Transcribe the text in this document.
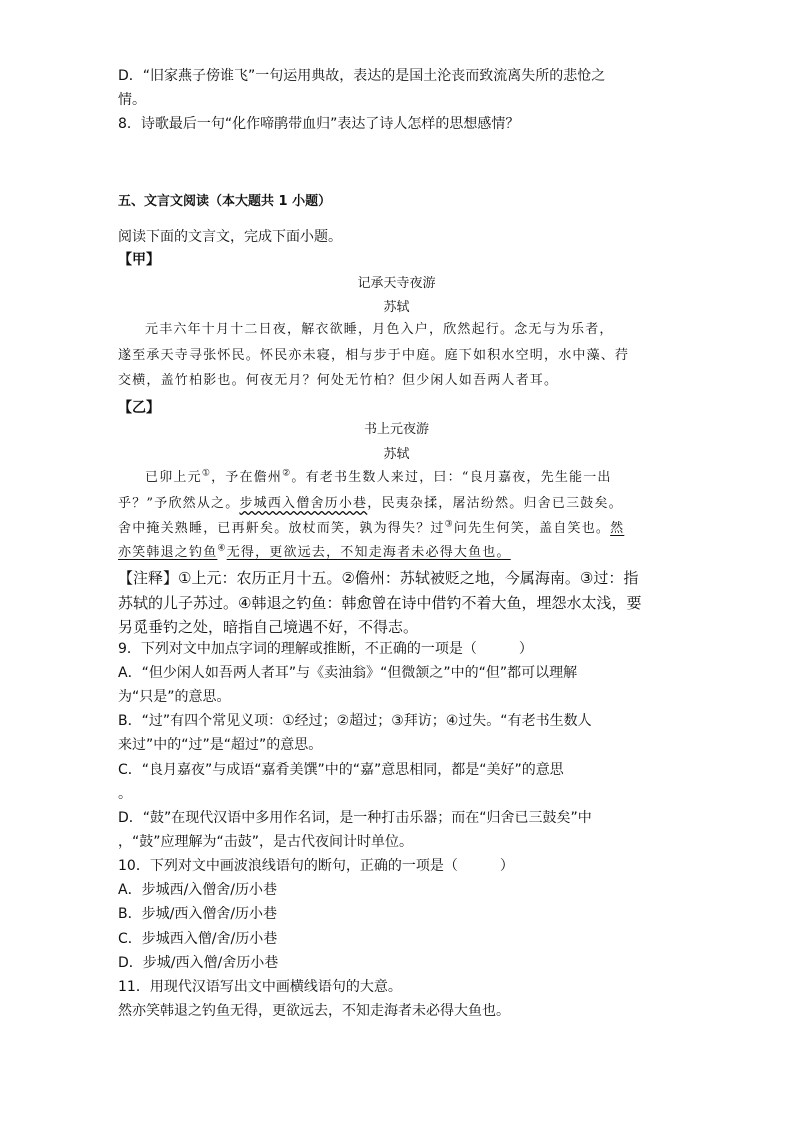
D．“旧家燕子傍谁飞”一句运用典故，表达的是国土沦丧而致流离失所的悲怆之
情。
8．诗歌最后一句“化作啼鹃带血归”表达了诗人怎样的思想感情？
五、文言文阅读（本大题共 1 小题）
阅读下面的文言文，完成下面小题。
【甲】
记承天寺夜游
苏轼
元丰六年十月十二日夜，解衣欲睡，月色入户，欣然起行。念无与为乐者，
遂至承天寺寻张怀民。怀民亦未寝，相与步于中庭。庭下如积水空明，水中藻、荇
交横，盖竹柏影也。何夜无月？何处无竹柏？但少闲人如吾两人者耳。
【乙】
书上元夜游
苏轼
已卯上元①，予在儋州②。有老书生数人来过，曰：“良月嘉夜，先生能一出
乎？”予欣然从之。步城西入僧舍历小巷，民夷杂揉，屠沽纷然。归舍已三鼓矣。
舍中掩关熟睡，已再鼾矣。放杖而笑，孰为得失？过③问先生何笑，盖自笑也。然
亦笑韩退之钓鱼④无得，更欲远去，不知走海者未必得大鱼也。
【注释】①上元：农历正月十五。②儋州：苏轼被贬之地，今属海南。③过：指
苏轼的儿子苏过。④韩退之钓鱼：韩愈曾在诗中借钓不着大鱼，埋怨水太浅，要
另觅垂钓之处，暗指自己境遇不好，不得志。
9．下列对文中加点字词的理解或推断，不正确的一项是（　　　）
A．“但少闲人如吾两人者耳”与《卖油翁》“但微颔之”中的“但”都可以理解
为“只是”的意思。
B．“过”有四个常见义项：①经过；②超过；③拜访；④过失。“有老书生数人
来过”中的“过”是“超过”的意思。
C．“良月嘉夜”与成语“嘉肴美馔”中的“嘉”意思相同，都是“美好”的意思
。
D．“鼓”在现代汉语中多用作名词，是一种打击乐器；而在“归舍已三鼓矣”中
，“鼓”应理解为“击鼓”，是古代夜间计时单位。
10．下列对文中画波浪线语句的断句，正确的一项是（　　　）
A．步城西/入僧舍/历小巷
B．步城/西入僧舍/历小巷
C．步城西入僧/舍/历小巷
D．步城/西入僧/舍历小巷
11．用现代汉语写出文中画横线语句的大意。
然亦笑韩退之钓鱼无得，更欲远去，不知走海者未必得大鱼也。
